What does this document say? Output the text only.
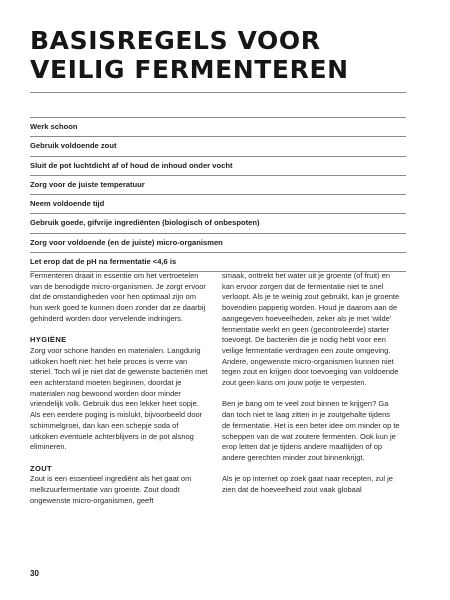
BASISREGELS VOOR
VEILIG FERMENTEREN
Werk schoon
Gebruik voldoende zout
Sluit de pot luchtdicht af of houd de inhoud onder vocht
Zorg voor de juiste temperatuur
Neem voldoende tijd
Gebruik goede, gifvrije ingrediënten (biologisch of onbespoten)
Zorg voor voldoende (en de juiste) micro-organismen
Let erop dat de pH na fermentatie <4,6 is

Fermenteren draait in essentie om het vertroetelen van de benodigde micro-organismen. Je zorgt ervoor dat de omstandigheden voor hen optimaal zijn om hun werk goed te kunnen doen zonder dat ze daarbij gehinderd worden door vervelende indringers.

HYGIËNE

Zorg voor schone handen en materialen. Langdurig uitkoken hoeft niet: het hele proces is verre van steriel. Toch wil je niet dat de gewenste bacteriën met een achterstand moeten beginnen, doordat je materialen nog bewoond worden door minder vriendelijk volk. Gebruik dus een lekker heet sopje. Als een eerdere poging is mislukt, bijvoorbeeld door schimmelgroei, dan kan een schepje soda of uitkoken eventuele achterblijvers in de pot alsnog elimineren.

ZOUT

Zout is een essentieel ingrediënt als het gaat om melkzuurfermentatie van groente. Zout doodt ongewenste micro-organismen, geeft

smaak, onttrekt het water uit je groente (of fruit) en kan ervoor zorgen dat de fermentatie niet te snel verloopt. Als je te weinig zout gebruikt, kan je groente bovendien papperig worden. Houd je daarom aan de aangegeven hoeveelheden, zeker als je met 'wilde' fermentatie werkt en geen (gecontroleerde) starter toevoegt. De bacteriën die je nodig hebt voor een veilige fermentatie verdragen een zoute omgeving. Andere, ongewenste micro-organismen kunnen niet tegen zout en krijgen door toevoeging van voldoende zout geen kans om jouw potje te verpesten.

Ben je bang om te veel zout binnen te krijgen? Ga dan toch niet te laag zitten in je zoutgehalte tijdens de fermentatie. Het is een beter idee om minder op te scheppen van de wat zoutere fermenten. Ook kun je erop letten dat je tijdens andere maaltijden of op andere gerechten minder zout binnenkrijgt.

Als je op internet op zoek gaat naar recepten, zul je zien dat de hoeveelheid zout vaak globaal

30
